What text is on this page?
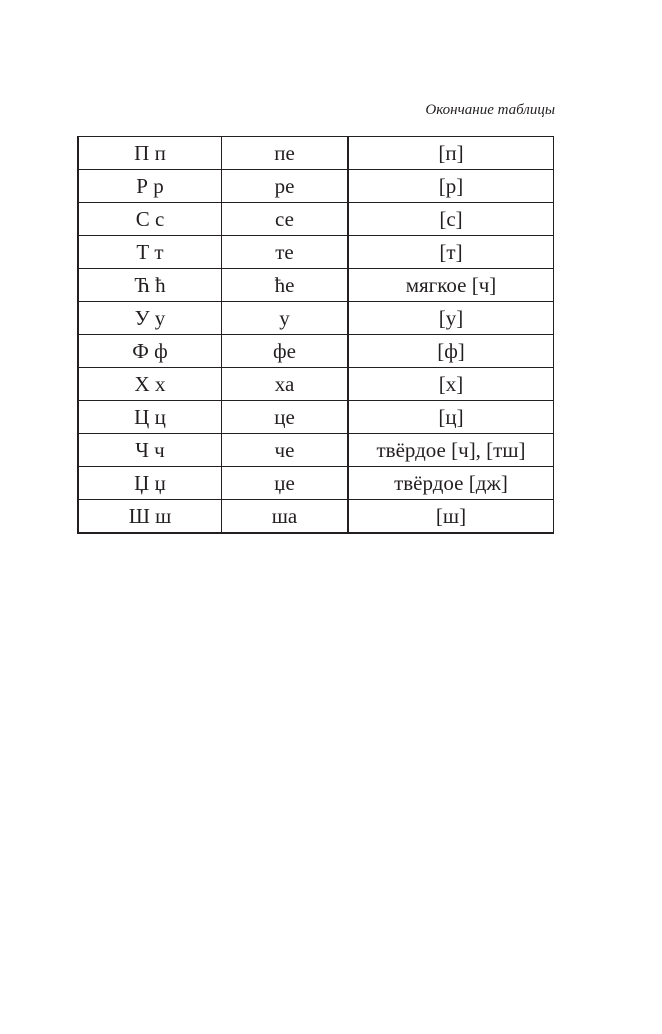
Окончание таблицы
П п	пе	[п]
Р р	ре	[р]
С с	се	[с]
Т т	те	[т]
Ћ ћ	ће	мягкое [ч]
У у	у	[у]
Ф ф	фе	[ф]
Х х	ха	[х]
Ц ц	це	[ц]
Ч ч	че	твёрдое [ч], [тш]
Џ џ	џе	твёрдое [дж]
Ш ш	ша	[ш]
